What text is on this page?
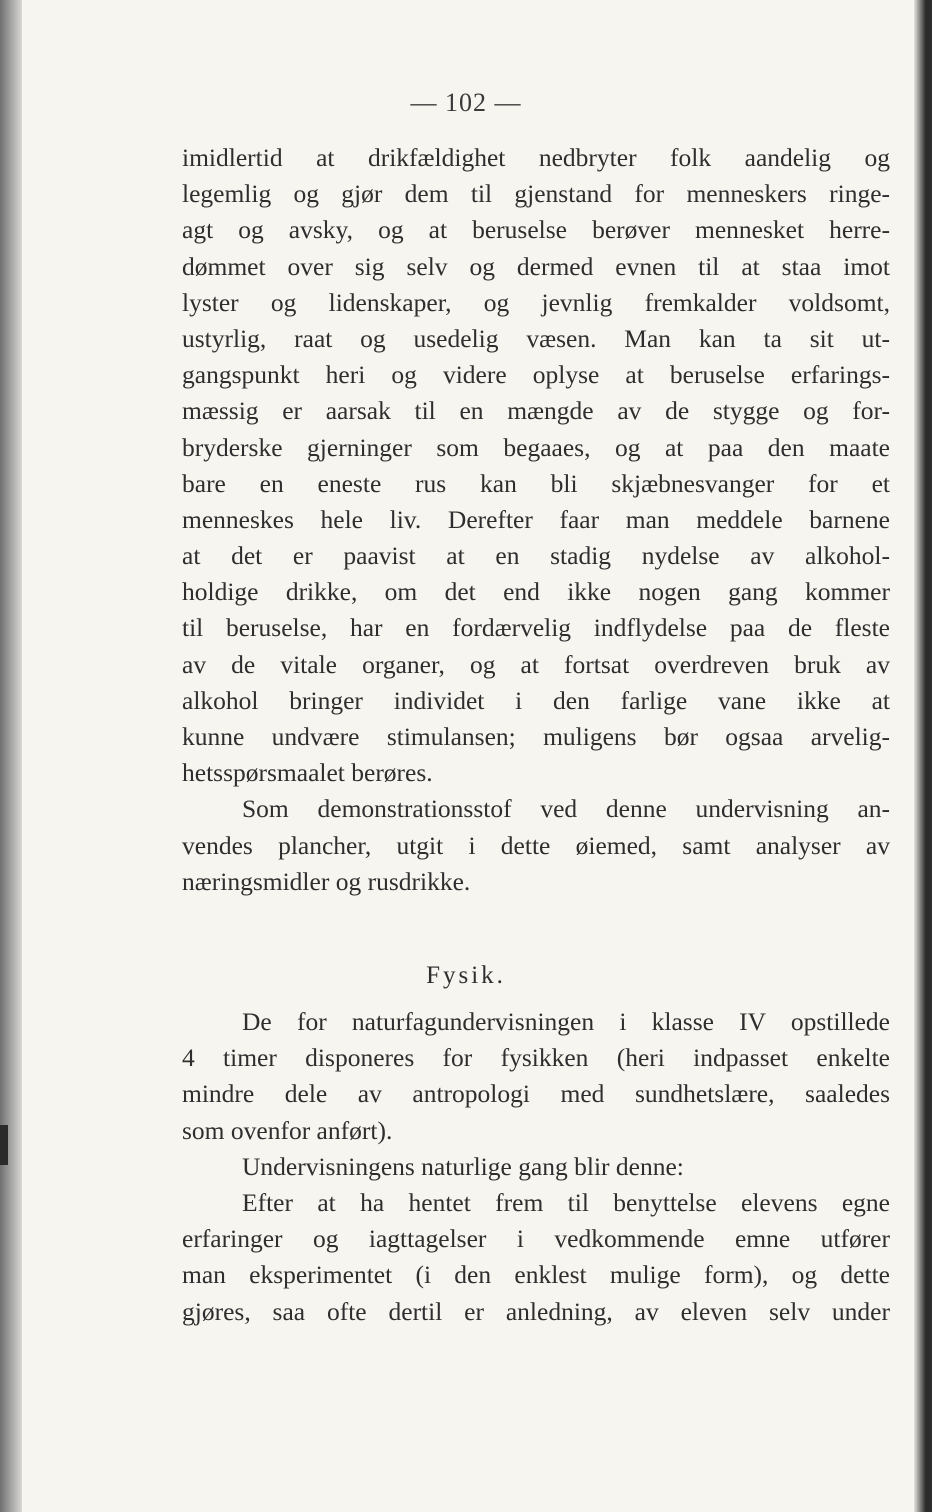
— 102 —
imidlertid at drikfældighet nedbryter folk aandelig og
legemlig og gjør dem til gjenstand for menneskers ringe-
agt og avsky, og at beruselse berøver mennesket herre-
dømmet over sig selv og dermed evnen til at staa imot
lyster og lidenskaper, og jevnlig fremkalder voldsomt,
ustyrlig, raat og usedelig væsen. Man kan ta sit ut-
gangspunkt heri og videre oplyse at beruselse erfarings-
mæssig er aarsak til en mængde av de stygge og for-
bryderske gjerninger som begaaes, og at paa den maate
bare en eneste rus kan bli skjæbnesvanger for et
menneskes hele liv. Derefter faar man meddele barnene
at det er paavist at en stadig nydelse av alkohol-
holdige drikke, om det end ikke nogen gang kommer
til beruselse, har en fordærvelig indflydelse paa de fleste
av de vitale organer, og at fortsat overdreven bruk av
alkohol bringer individet i den farlige vane ikke at
kunne undvære stimulansen; muligens bør ogsaa arvelig-
hetsspørsmaalet berøres.
Som demonstrationsstof ved denne undervisning an-
vendes plancher, utgit i dette øiemed, samt analyser av
næringsmidler og rusdrikke.
Fysik.
De for naturfagundervisningen i klasse IV opstillede
4 timer disponeres for fysikken (heri indpasset enkelte
mindre dele av antropologi med sundhetslære, saaledes
som ovenfor anført).
Undervisningens naturlige gang blir denne:
Efter at ha hentet frem til benyttelse elevens egne
erfaringer og iagttagelser i vedkommende emne utfører
man eksperimentet (i den enklest mulige form), og dette
gjøres, saa ofte dertil er anledning, av eleven selv under
